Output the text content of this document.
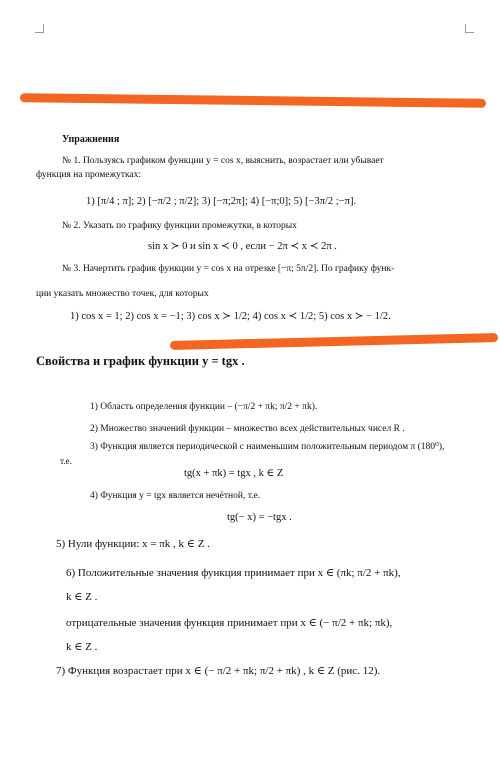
Упражнения
№ 1. Пользуясь графиком функции y = cos x, выяснить, возрастает или убывает
функция на промежутках:
1) [π/4 ; π]; 2) [−π/2 ; π/2]; 3) [−π;2π]; 4) [−π;0]; 5) [−3π/2 ;−π].
№ 2. Указать по графику функции промежутки, в которых
sin x ≻ 0 и sin x ≺ 0 , если − 2π ≺ x ≺ 2π .
№ 3. Начертить график функции y = cos x на отрезке [−π; 5π/2]. По графику функ-
ции указать множество точек, для которых
1) cos x = 1; 2) cos x = −1; 3) cos x ≻ 1/2; 4) cos x ≺ 1/2; 5) cos x ≻ − 1/2.
Свойства и график функции y = tgx .
1) Область определения функции – (−π/2 + πk; π/2 + πk).
2) Множество значений функции – множество всех действительных чисел R .
3) Функция является периодической с наименьшим положительным периодом π (180⁰),
т.е.
tg(x + πk) = tgx , k ∈ Z
4) Функция y = tgx является нечётной, т.е.
tg(− x) = −tgx .
5) Нули функции: x = πk , k ∈ Z .
6) Положительные значения функция принимает при x ∈ (πk; π/2 + πk),
k ∈ Z .
отрицательные значения функция принимает при x ∈ (− π/2 + πk; πk),
k ∈ Z .
7) Функция возрастает при x ∈ (− π/2 + πk; π/2 + πk) , k ∈ Z (рис. 12).
